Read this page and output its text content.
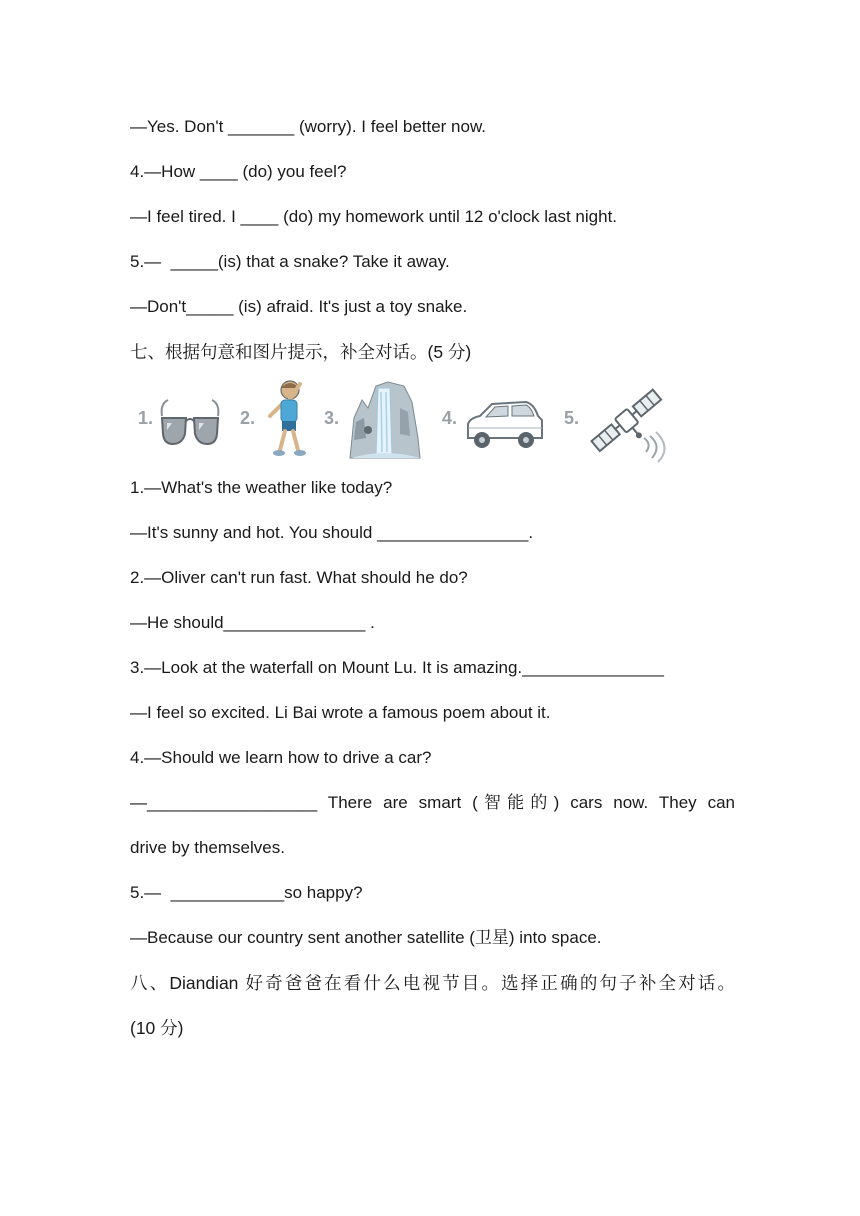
—Yes. Don't _______ (worry). I feel better now.

4.—How ____ (do) you feel?

—I feel tired. I ____ (do) my homework until 12 o'clock last night.

5.—  _____(is) that a snake? Take it away.

—Don't_____ (is) afraid. It's just a toy snake.

七、根据句意和图片提示，补全对话。(5 分)

1.	2.	3.	4.	5.

1.—What's the weather like today?

—It's sunny and hot. You should ________________.

2.—Oliver can't run fast. What should he do?

—He should_______________ .

3.—Look at the waterfall on Mount Lu. It is amazing._______________

—I feel so excited. Li Bai wrote a famous poem about it.

4.—Should we learn how to drive a car?

—__________________ There are smart (智能的) cars now. They can

drive by themselves.

5.—  ____________so happy?

—Because our country sent another satellite (卫星) into space.

八、Diandian 好奇爸爸在看什么电视节目。选择正确的句子补全对话。

(10 分)
